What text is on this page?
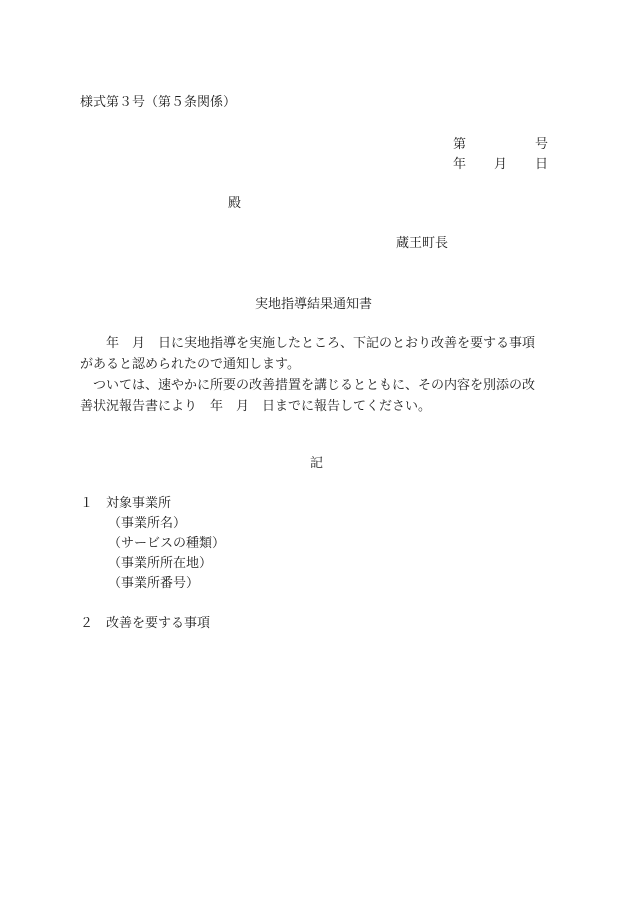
様式第３号（第５条関係）
第	号
年 月 日
殿
蔵王町長
実地指導結果通知書
　　年　月　日に実地指導を実施したところ、下記のとおり改善を要する事項
があると認められたので通知します。
　ついては、速やかに所要の改善措置を講じるとともに、その内容を別添の改
善状況報告書により　年　月　日までに報告してください。
記
１ 対象事業所
（事業所名）
（サービスの種類）
（事業所所在地）
（事業所番号）
２ 改善を要する事項
